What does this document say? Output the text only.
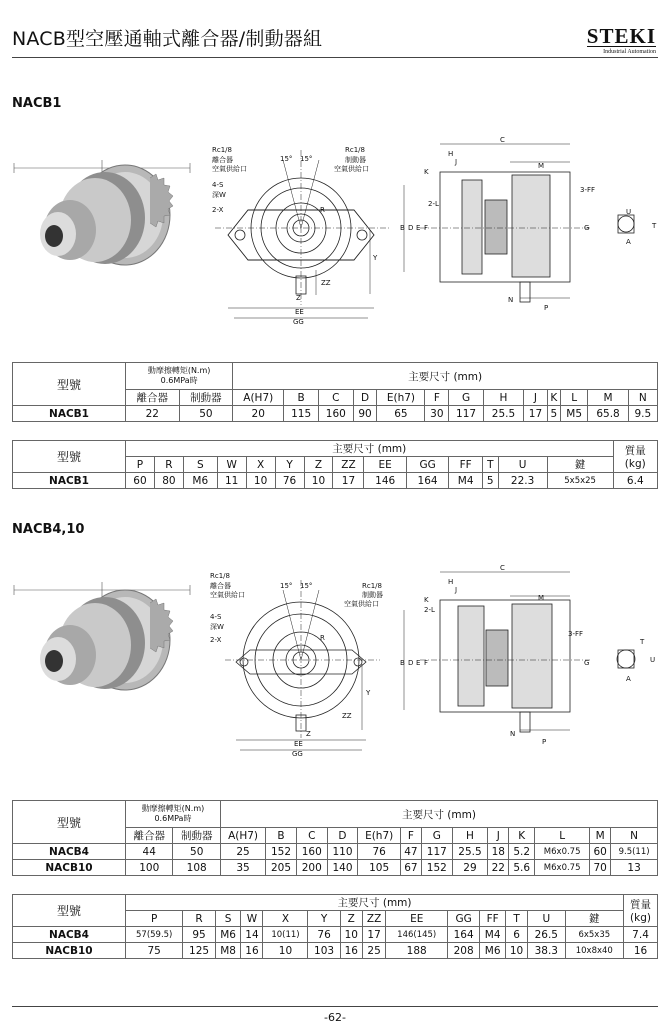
NACB型空壓通軸式離合器/制動器組	STEKI
Industrial Automation
NACB1
Rc1/8
離合器
空氣供給口
Rc1/8
制動器
空氣供給口
15° 15°
4-S
深W
2-X	R
Y
Z
ZZ
EE
GG
C
H
J
K
M
3-FF
2-L
B D E F	G
N
P
U
T
A
型號	動摩擦轉矩(N.m)
0.6MPa時		主要尺寸 (mm)												
	離合器	制動器	A(H7)	B	C	D	E(h7)	F	G	H	J	K	L	M	N
NACB1	22	50	20	115	160	90	65	30	117	25.5	17	5	M5	65.8	9.5
型號	主要尺寸 (mm)														質量
(kg)
	P	R	S	W	X	Y	Z	ZZ	EE	GG	FF	T	U	鍵	
NACB1	60	80	M6	11	10	76	10	17	146	164	M4	5	22.3	5x5x25	6.4
NACB4,10
Rc1/8
離合器
空氣供給口
Rc1/8
制動器
空氣供給口
15° 15°
4-S
深W
2-X	R
Y
Z
ZZ
EE
GG
C
H
J
K	M
3-FF
2-L
B D E F	G
N
P
T
U
A
型號	動摩擦轉矩(N.m)
0.6MPa時		主要尺寸 (mm)												
	離合器	制動器	A(H7)	B	C	D	E(h7)	F	G	H	J	K	L	M	N
NACB4	44	50	25	152	160	110	76	47	117	25.5	18	5.2	M6x0.75	60	9.5(11)
NACB10	100	108	35	205	200	140	105	67	152	29	22	5.6	M6x0.75	70	13
型號	主要尺寸 (mm)														質量
(kg)
	P	R	S	W	X	Y	Z	ZZ	EE	GG	FF	T	U	鍵	
NACB4	57(59.5)	95	M6	14	10(11)	76	10	17	146(145)	164	M4	6	26.5	6x5x35	7.4
NACB10	75	125	M8	16	10	103	16	25	188	208	M6	10	38.3	10x8x40	16
-62-
